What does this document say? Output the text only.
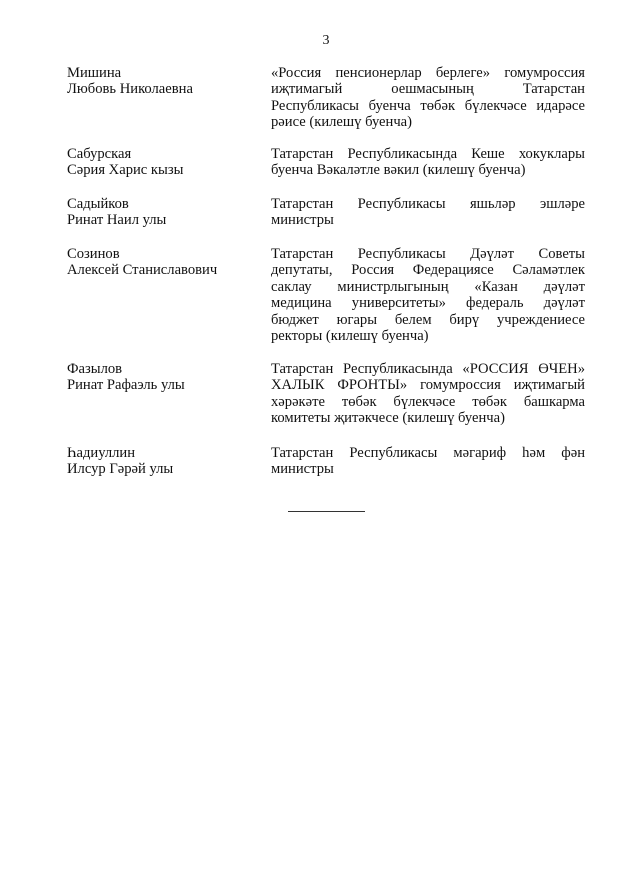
3
Мишина
Любовь Николаевна
«Россия пенсионерлар берлеге» гомумроссия
иҗтимагый оешмасының Татарстан
Республикасы буенча төбәк бүлекчәсе идарәсе
рәисе (килешү буенча)
Сабурская
Сәрия Харис кызы
Татарстан Республикасында Кеше хокуклары
буенча Вәкаләтле вәкил (килешү буенча)
Садыйков
Ринат Наил улы
Татарстан Республикасы яшьләр эшләре
министры
Созинов
Алексей Станиславович
Татарстан Республикасы Дәүләт Советы
депутаты, Россия Федерациясе Сәламәтлек
саклау министрлыгының «Казан дәүләт
медицина университеты» федераль дәүләт
бюджет югары белем бирү учреждениесе
ректоры (килешү буенча)
Фазылов
Ринат Рафаэль улы
Татарстан Республикасында «РОССИЯ ӨЧЕН»
ХАЛЫК ФРОНТЫ» гомумроссия иҗтимагый
хәрәкәте төбәк бүлекчәсе төбәк башкарма
комитеты җитәкчесе (килешү буенча)
Һадиуллин
Илсур Гәрәй улы
Татарстан Республикасы мәгариф һәм фән
министры
